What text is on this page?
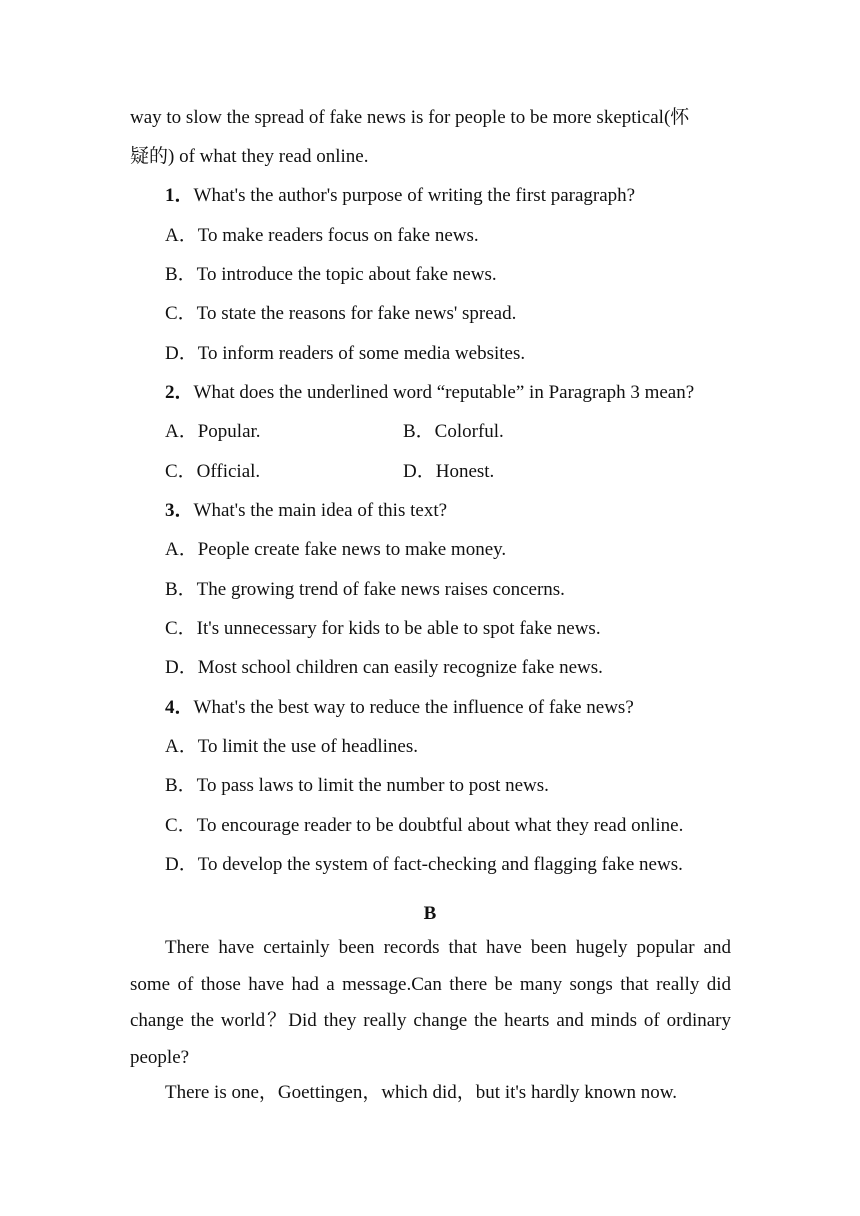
way to slow the spread of fake news is for people to be more skeptical(怀
疑的) of what they read online.
1．What's the author's purpose of writing the first paragraph?
A．To make readers focus on fake news.
B．To introduce the topic about fake news.
C．To state the reasons for fake news' spread.
D．To inform readers of some media websites.
2．What does the underlined word “reputable” in Paragraph 3 mean?
A．Popular.	B．Colorful.
C．Official.	D．Honest.
3．What's the main idea of this text?
A．People create fake news to make money.
B．The growing trend of fake news raises concerns.
C．It's unnecessary for kids to be able to spot fake news.
D．Most school children can easily recognize fake news.
4．What's the best way to reduce the influence of fake news?
A．To limit the use of headlines.
B．To pass laws to limit the number to post news.
C．To encourage reader to be doubtful about what they read online.
D．To develop the system of fact-checking and flagging fake news.
B
There have certainly been records that have been hugely popular and some of those have had a message.Can there be many songs that really did change the world？Did they really change the hearts and minds of ordinary people?
There is one，Goettingen，which did，but it's hardly known now.
